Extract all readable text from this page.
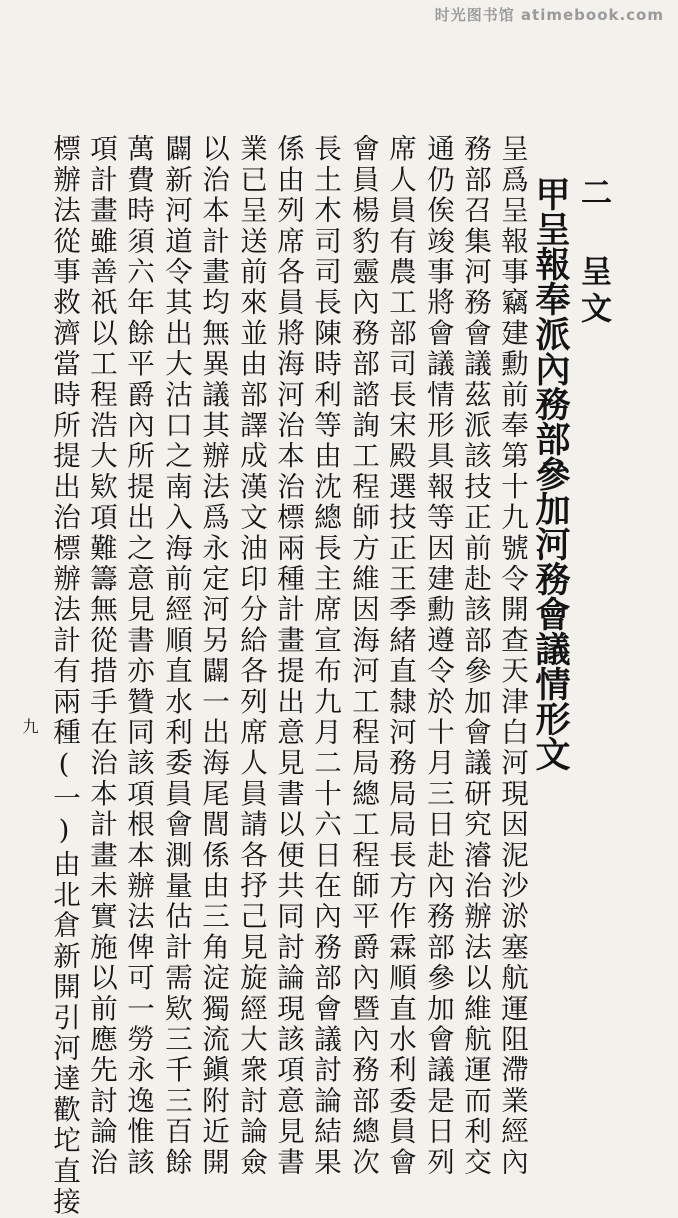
时光图书馆 atimebook.com
二 呈文
甲呈報奉派內務部參加河務會議情形文
呈爲呈報事竊建勳前奉第十九號令開查天津白河現因泥沙淤塞航運阻滯業經內
務部召集河務會議茲派該技正前赴該部參加會議研究濬治辦法以維航運而利交
通仍俟竣事將會議情形具報等因建勳遵令於十月三日赴內務部參加會議是日列
席人員有農工部司長宋殿選技正王季緒直隸河務局局長方作霖順直水利委員會
會員楊豹靈內務部諮詢工程師方維因海河工程局總工程師平爵內暨內務部總次
長土木司司長陳時利等由沈總長主席宣布九月二十六日在內務部會議討論結果
係由列席各員將海河治本治標兩種計畫提出意見書以便共同討論現該項意見書
業已呈送前來並由部譯成漢文油印分給各列席人員請各抒己見旋經大衆討論僉
以治本計畫均無異議其辦法爲永定河另闢一出海尾閭係由三角淀獨流鎭附近開
闢新河道令其出大沽口之南入海前經順直水利委員會測量估計需欵三千三百餘
萬費時須六年餘平爵內所提出之意見書亦贊同該項根本辦法俾可一勞永逸惟該
項計畫雖善祇以工程浩大欵項難籌無從措手在治本計畫未實施以前應先討論治
標辦法從事救濟當時所提出治標辦法計有兩種(一)由北倉新開引河達歡坨直接
九
